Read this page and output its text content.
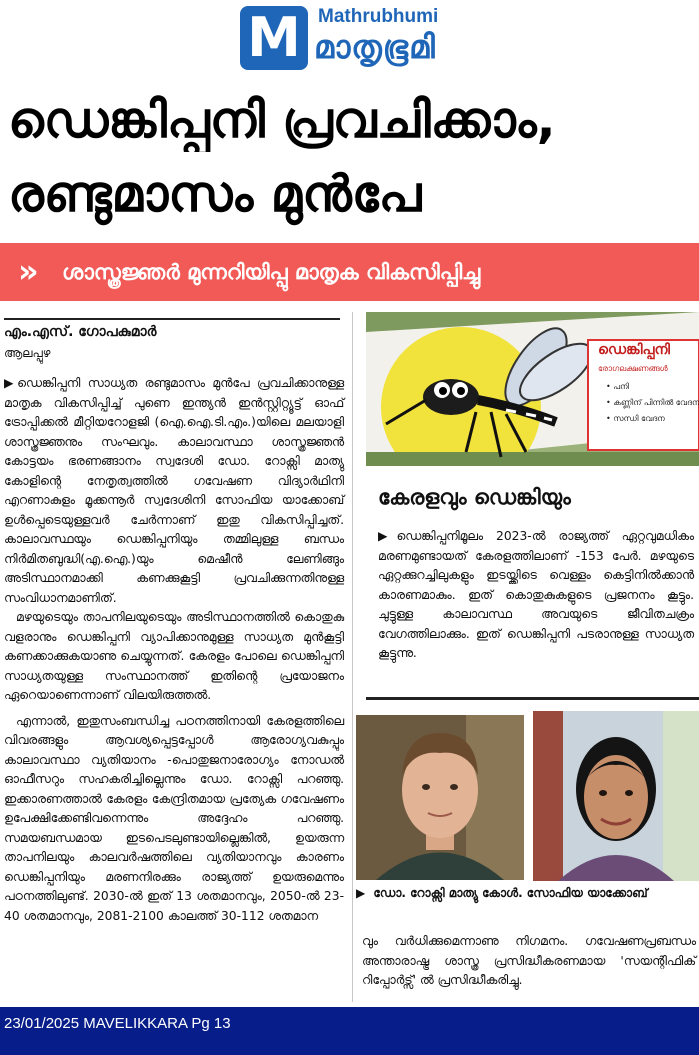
M Mathrubhumi
മാതൃഭൂമി
ഡെങ്കിപ്പനി പ്രവചിക്കാം,
രണ്ടുമാസം മുൻപേ
» ശാസ്ത്രജ്ഞർ മുന്നറിയിപ്പു മാതൃക വികസിപ്പിച്ചു
എം.എസ്. ഗോപകുമാർ
ആലപ്പുഴ

▶ഡെങ്കിപ്പനി സാധ്യത രണ്ടുമാസം മുൻപേ പ്രവചിക്കാനുള്ള മാതൃക വികസിപ്പിച്ച് പുണെ ഇന്ത്യൻ ഇൻസ്റ്റിറ്റ്യൂട്ട് ഓഫ് ട്രോപ്പിക്കൽ മീറ്റിയറോളജി (ഐ.ഐ.ടി.എം.)യിലെ മലയാളി ശാസ്ത്രജ്ഞനും സംഘവും. കാലാവസ്ഥാ ശാസ്ത്രജ്ഞൻ കോട്ടയം ഭരണങ്ങാനം സ്വദേശി ഡോ. റോക്സി മാത്യു കോളിന്റെ നേതൃത്വത്തിൽ ഗവേഷണ വിദ്യാർഥിനി എറണാകുളം മൂക്കന്നൂർ സ്വദേശിനി സോഫിയ യാക്കോബ് ഉൾപ്പെടെയുള്ളവർ ചേർന്നാണ് ഇതു വികസിപ്പിച്ചത്. കാലാവസ്ഥയും ഡെങ്കിപ്പനിയും തമ്മിലുള്ള ബന്ധം നിർമിതബുദ്ധി(എ.ഐ.)യും മെഷീൻ ലേണിങ്ങും അടിസ്ഥാനമാക്കി കണക്കുകൂട്ടി പ്രവചിക്കുന്നതിനുള്ള സംവിധാനമാണിത്.

മഴയുടെയും താപനിലയുടെയും അടിസ്ഥാനത്തിൽ കൊതുകു വളരാനും ഡെങ്കിപ്പനി വ്യാപിക്കാനുമുള്ള സാധ്യത മുൻകൂട്ടി കണക്കാക്കുകയാണു ചെയ്യുന്നത്. കേരളം പോലെ ഡെങ്കിപ്പനി സാധ്യതയുള്ള സംസ്ഥാനത്ത് ഇതിന്റെ പ്രയോജനം ഏറെയാണെന്നാണ് വിലയിരുത്തൽ.

എന്നാൽ, ഇതുസംബന്ധിച്ച പഠനത്തിനായി കേരളത്തിലെ വിവരങ്ങളും ആവശ്യപ്പെട്ടപ്പോൾ ആരോഗ്യവകുപ്പും കാലാവസ്ഥാ വ്യതിയാനം -പൊതുജനാരോഗ്യം നോഡൽ ഓഫീസറും സഹകരിച്ചില്ലെന്നും ഡോ. റോക്സി പറഞ്ഞു. ഇക്കാരണത്താൽ കേരളം കേന്ദ്രിതമായ പ്രത്യേക ഗവേഷണം ഉപേക്ഷിക്കേണ്ടിവന്നെന്നും അദ്ദേഹം പറഞ്ഞു. സമയബന്ധമായ ഇടപെടലുണ്ടായില്ലെങ്കിൽ, ഉയരുന്ന താപനിലയും കാലവർഷത്തിലെ വ്യതിയാനവും കാരണം ഡെങ്കിപ്പനിയും മരണനിരക്കും രാജ്യത്ത് ഉയരുമെന്നും പഠനത്തിലുണ്ട്. 2030-ൽ ഇത് 13 ശതമാനവും, 2050-ൽ 23-40 ശതമാനവും, 2081-2100 കാലത്ത് 30-112 ശതമാന

ഡെങ്കിപ്പനി
രോഗലക്ഷണങ്ങൾ
• പനി
• കണ്ണിന് പിന്നിൽ വേദന
• സന്ധി വേദന
കേരളവും ഡെങ്കിയും
▶ഡെങ്കിപ്പനിമൂലം 2023-ൽ രാജ്യത്ത് ഏറ്റവുമധികം മരണമുണ്ടായത് കേരളത്തിലാണ് -153 പേർ. മഴയുടെ ഏറ്റക്കുറച്ചിലുകളും ഇടയ്ക്കിടെ വെള്ളം കെട്ടിനിൽക്കാൻ കാരണമാകും. ഇത് കൊതുകുകളുടെ പ്രജനനം കൂട്ടും. ചുട്ടുള്ള കാലാവസ്ഥ അവയുടെ ജീവിതചക്രം വേഗത്തിലാക്കും. ഇത് ഡെങ്കിപ്പനി പടരാനുള്ള സാധ്യത കൂട്ടുന്നു.
▶ ഡോ. റോക്സി മാത്യു കോൾ. സോഫിയ യാക്കോബ്
വും വർധിക്കുമെന്നാണു നിഗമനം. ഗവേഷണപ്രബന്ധം അന്താരാഷ്ട്ര ശാസ്ത്ര പ്രസിദ്ധീകരണമായ 'സയന്റിഫിക് റിപ്പോർട്സ്' ൽ പ്രസിദ്ധീകരിച്ചു.
23/01/2025 MAVELIKKARA Pg 13
